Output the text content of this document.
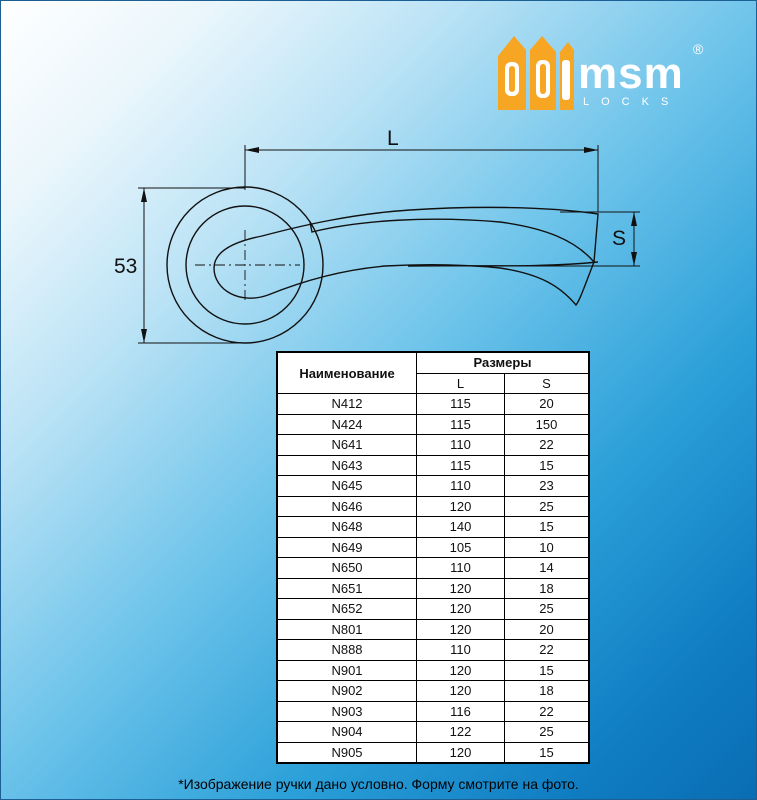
msm
LOCKS
®
L
53
S
Наименование	Размеры	
	L	S
N412	115	20
N424	115	150
N641	110	22
N643	115	15
N645	110	23
N646	120	25
N648	140	15
N649	105	10
N650	110	14
N651	120	18
N652	120	25
N801	120	20
N888	110	22
N901	120	15
N902	120	18
N903	116	22
N904	122	25
N905	120	15
*Изображение ручки дано условно. Форму смотрите на фото.
